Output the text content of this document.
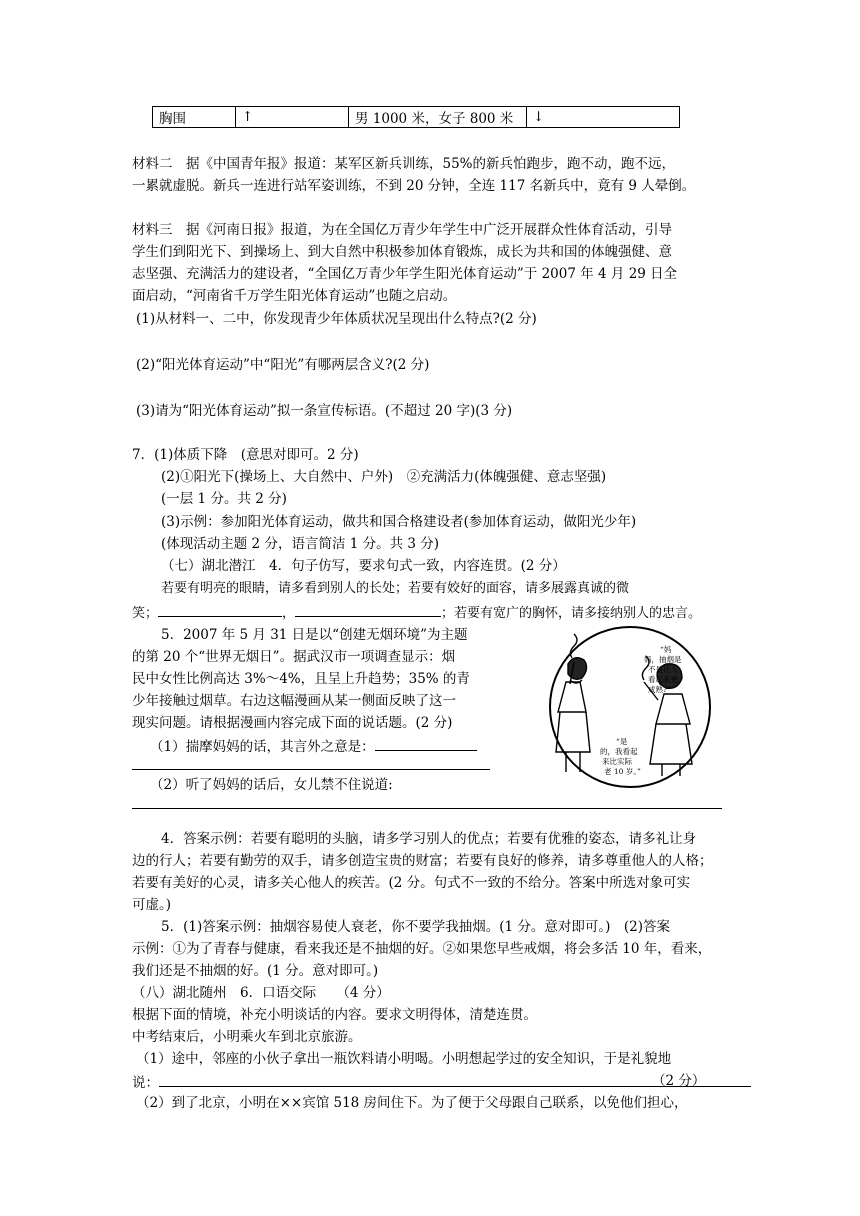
胸围	↑	男 1000 米，女子 800 米	↓
材料二　据《中国青年报》报道：某军区新兵训练，55%的新兵怕跑步，跑不动，跑不远，
一累就虚脱。新兵一连进行站军姿训练，不到 20 分钟，全连 117 名新兵中，竟有 9 人晕倒。
材料三　据《河南日报》报道，为在全国亿万青少年学生中广泛开展群众性体育活动，引导
学生们到阳光下、到操场上、到大自然中积极参加体育锻炼，成长为共和国的体魄强健、意
志坚强、充满活力的建设者，“全国亿万青少年学生阳光体育运动”于 2007 年 4 月 29 日全
面启动，“河南省千万学生阳光体育运动”也随之启动。
(1)从材料一、二中，你发现青少年体质状况呈现出什么特点?(2 分)
(2)“阳光体育运动”中“阳光”有哪两层含义?(2 分)
(3)请为“阳光体育运动”拟一条宣传标语。(不超过 20 字)(3 分)
7．(1)体质下降　(意思对即可。2 分)
(2)①阳光下(操场上、大自然中、户外)　②充满活力(体魄强健、意志坚强)
(一层 1 分。共 2 分)
(3)示例：参加阳光体育运动，做共和国合格建设者(参加体育运动，做阳光少年)
(体现活动主题 2 分，语言简洁 1 分。共 3 分)
（七）湖北潜江　4．句子仿写，要求句式一致，内容连贯。(2 分）
若要有明亮的眼睛，请多看到别人的长处；若要有姣好的面容，请多展露真诚的微
笑；	，	；若要有宽广的胸怀，请多接纳别人的忠言。
5．2007 年 5 月 31 日是以“创建无烟环境”为主题
的第 20 个“世界无烟日”。据武汉市一项调查显示：烟
民中女性比例高达 3%～4%，且呈上升趋势；35% 的青
少年接触过烟草。右边这幅漫画从某一侧面反映了这一
现实问题。请根据漫画内容完成下面的说话题。(2 分)
（1）揣摩妈妈的话，其言外之意是：
（2）听了妈妈的话后，女儿禁不住说道:
“妈
妈，抽烟是
不是让人
看起来更
成熟?”
“是
的，我看起
来比实际
老 10 岁。”
4．答案示例：若要有聪明的头脑，请多学习别人的优点；若要有优雅的姿态，请多礼让身
边的行人；若要有勤劳的双手，请多创造宝贵的财富；若要有良好的修养，请多尊重他人的人格；
若要有美好的心灵，请多关心他人的疾苦。(2 分。句式不一致的不给分。答案中所选对象可实
可虚。)
5．(1)答案示例：抽烟容易使人衰老，你不要学我抽烟。(1 分。意对即可。)　(2)答案
示例：①为了青春与健康，看来我还是不抽烟的好。②如果您早些戒烟，将会多活 10 年，看来，
我们还是不抽烟的好。(1 分。意对即可。)
（八）湖北随州　6．口语交际　　（4 分）
根据下面的情境，补充小明谈话的内容。要求文明得体，清楚连贯。
中考结束后，小明乘火车到北京旅游。
（1）途中，邻座的小伙子拿出一瓶饮料请小明喝。小明想起学过的安全知识，于是礼貌地
说：	（2 分）
（2）到了北京，小明在××宾馆 518 房间住下。为了便于父母跟自己联系，以免他们担心，
